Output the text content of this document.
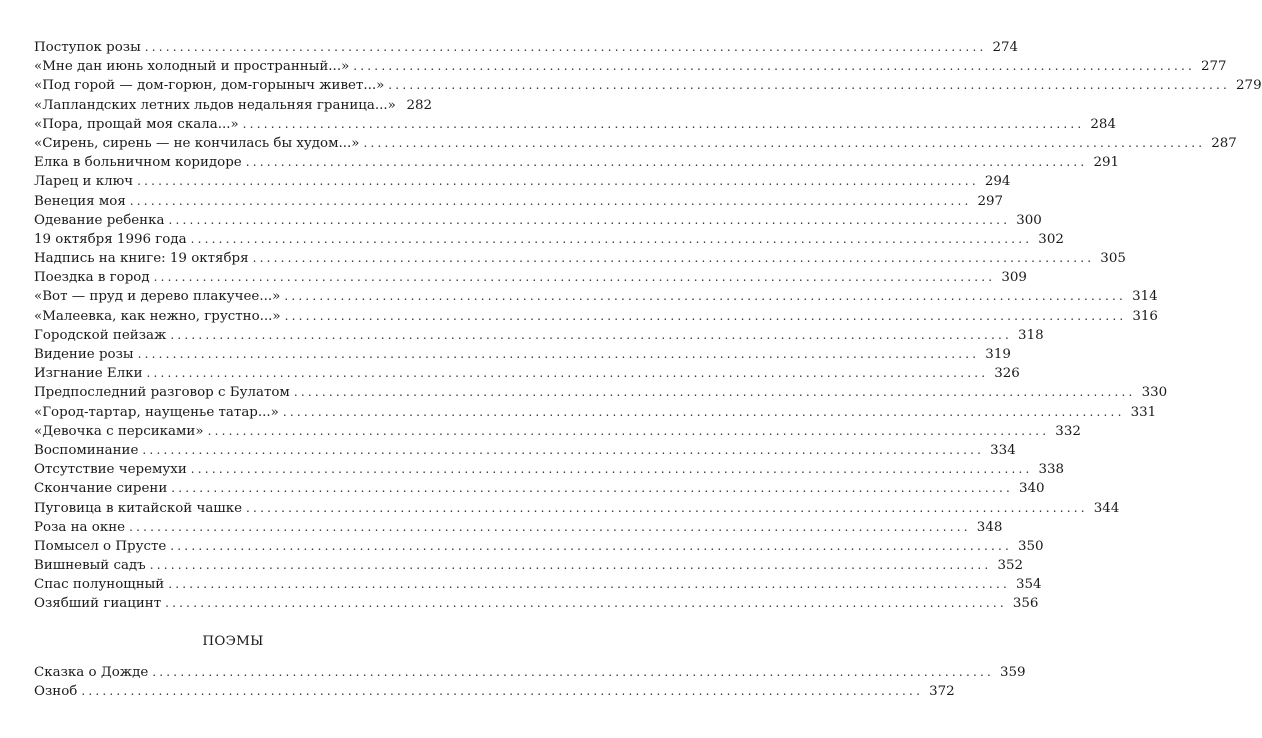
Поступок розы ........................................................................................................................ 274
«Мне дан июнь холодный и пространный...» ........................................................................................................................ 277
«Под горой — дом-горюн, дом-горыныч живет...» ........................................................................................................................ 279
«Лапландских летних льдов недальняя граница...» 282
«Пора, прощай моя скала...» ........................................................................................................................ 284
«Сирень, сирень — не кончилась бы худом...» ........................................................................................................................ 287
Елка в больничном коридоре ........................................................................................................................ 291
Ларец и ключ ........................................................................................................................ 294
Венеция моя ........................................................................................................................ 297
Одевание ребенка ........................................................................................................................ 300
19 октября 1996 года ........................................................................................................................ 302
Надпись на книге: 19 октября ........................................................................................................................ 305
Поездка в город ........................................................................................................................ 309
«Вот — пруд и дерево плакучее...» ........................................................................................................................ 314
«Малеевка, как нежно, грустно...» ........................................................................................................................ 316
Городской пейзаж ........................................................................................................................ 318
Видение розы ........................................................................................................................ 319
Изгнание Елки ........................................................................................................................ 326
Предпоследний разговор с Булатом ........................................................................................................................ 330
«Город-тартар, наущенье татар...» ........................................................................................................................ 331
«Девочка с персиками» ........................................................................................................................ 332
Воспоминание ........................................................................................................................ 334
Отсутствие черемухи ........................................................................................................................ 338
Скончание сирени ........................................................................................................................ 340
Пуговица в китайской чашке ........................................................................................................................ 344
Роза на окне ........................................................................................................................ 348
Помысел о Прусте ........................................................................................................................ 350
Вишневый садъ ........................................................................................................................ 352
Спас полунощный ........................................................................................................................ 354
Озябший гиацинт ........................................................................................................................ 356
ПОЭМЫ
Сказка о Дожде ........................................................................................................................ 359
Озноб ........................................................................................................................ 372
